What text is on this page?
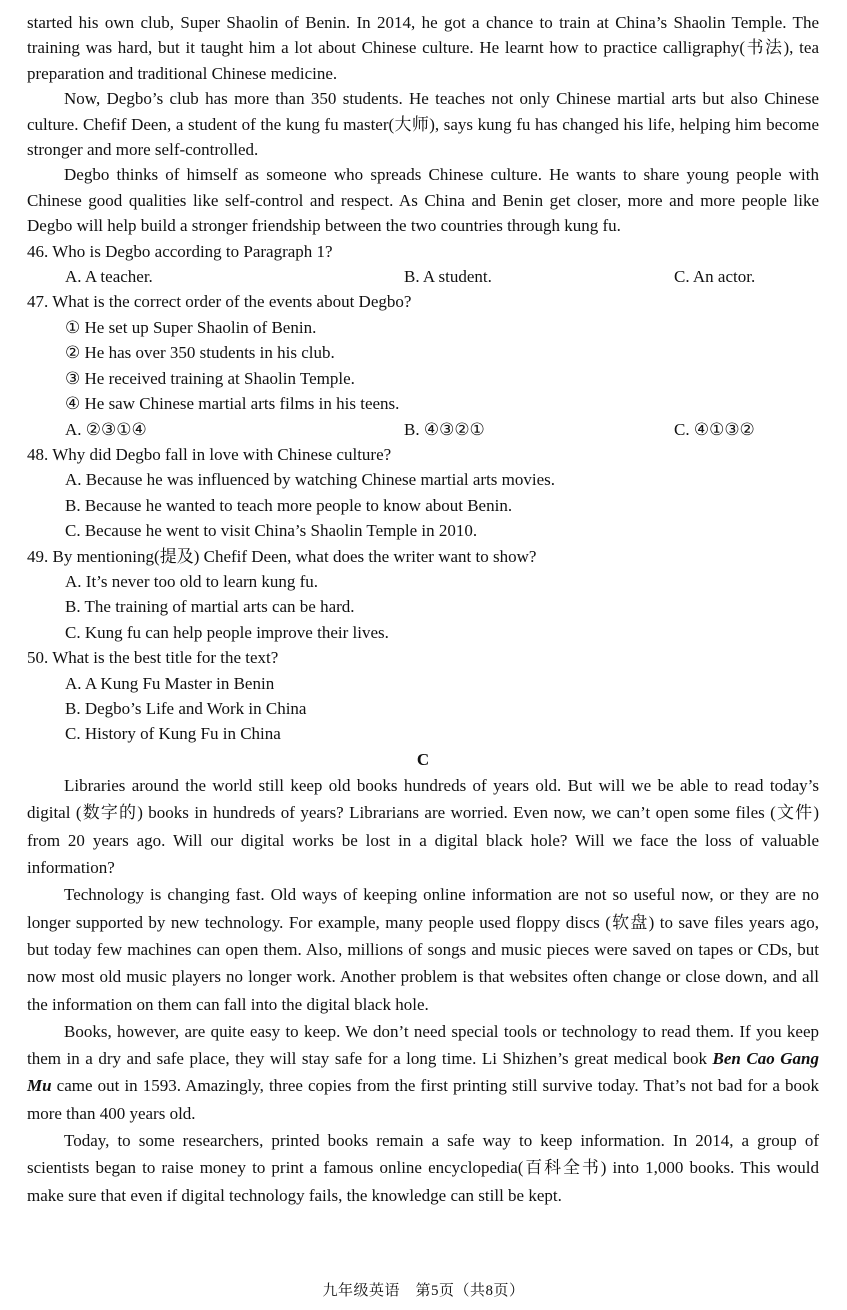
started his own club, Super Shaolin of Benin. In 2014, he got a chance to train at China’s Shaolin Temple. The training was hard, but it taught him a lot about Chinese culture. He learnt how to practice calligraphy(书法), tea preparation and traditional Chinese medicine.

Now, Degbo’s club has more than 350 students. He teaches not only Chinese martial arts but also Chinese culture. Chefif Deen, a student of the kung fu master(大师), says kung fu has changed his life, helping him become stronger and more self-controlled.

Degbo thinks of himself as someone who spreads Chinese culture. He wants to share young people with Chinese good qualities like self-control and respect. As China and Benin get closer, more and more people like Degbo will help build a stronger friendship between the two countries through kung fu.

46. Who is Degbo according to Paragraph 1?

A. A teacher.	B. A student.	C. An actor.

47. What is the correct order of the events about Degbo?

① He set up Super Shaolin of Benin.

② He has over 350 students in his club.

③ He received training at Shaolin Temple.

④ He saw Chinese martial arts films in his teens.

A. ②③①④	B. ④③②①	C. ④①③②

48. Why did Degbo fall in love with Chinese culture?

A. Because he was influenced by watching Chinese martial arts movies.

B. Because he wanted to teach more people to know about Benin.

C. Because he went to visit China’s Shaolin Temple in 2010.

49. By mentioning(提及) Chefif Deen, what does the writer want to show?

A. It’s never too old to learn kung fu.

B. The training of martial arts can be hard.

C. Kung fu can help people improve their lives.

50. What is the best title for the text?

A. A Kung Fu Master in Benin

B. Degbo’s Life and Work in China

C. History of Kung Fu in China

C

Libraries around the world still keep old books hundreds of years old. But will we be able to read today’s digital (数字的) books in hundreds of years? Librarians are worried. Even now, we can’t open some files (文件) from 20 years ago. Will our digital works be lost in a digital black hole? Will we face the loss of valuable information?

Technology is changing fast. Old ways of keeping online information are not so useful now, or they are no longer supported by new technology. For example, many people used floppy discs (软盘) to save files years ago, but today few machines can open them. Also, millions of songs and music pieces were saved on tapes or CDs, but now most old music players no longer work. Another problem is that websites often change or close down, and all the information on them can fall into the digital black hole.

Books, however, are quite easy to keep. We don’t need special tools or technology to read them. If you keep them in a dry and safe place, they will stay safe for a long time. Li Shizhen’s great medical book Ben Cao Gang Mu came out in 1593. Amazingly, three copies from the first printing still survive today. That’s not bad for a book more than 400 years old.

Today, to some researchers, printed books remain a safe way to keep information. In 2014, a group of scientists began to raise money to print a famous online encyclopedia(百科全书) into 1,000 books. This would make sure that even if digital technology fails, the knowledge can still be kept.

九年级英语　第5页（共8页）
